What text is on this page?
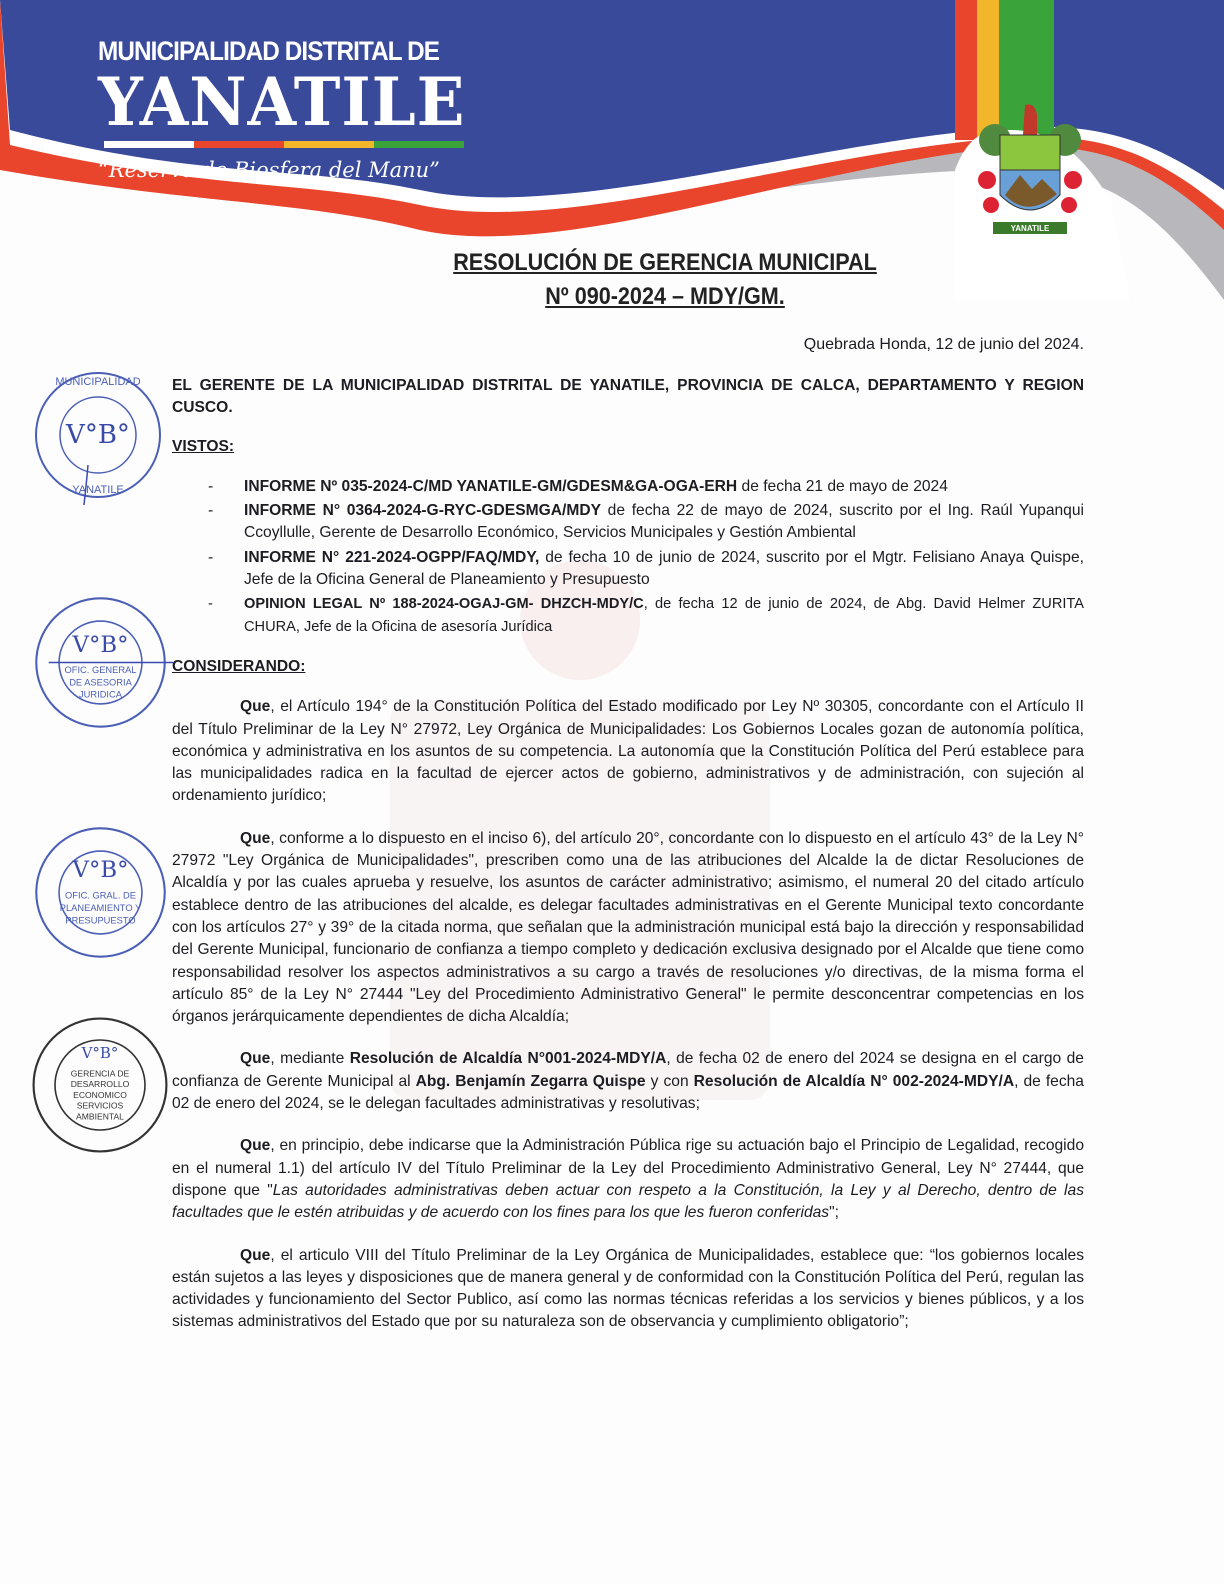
MUNICIPALIDAD DISTRITAL DE
YANATILE
“Reserva de Biosfera del Manu”
YANATILE
RESOLUCIÓN DE GERENCIA MUNICIPAL
Nº 090-2024 – MDY/GM.
Quebrada Honda, 12 de junio del 2024.
V°B°
MUNICIPALIDAD
YANATILE
V°B°
OFIC. GENERAL
DE ASESORIA
JURIDICA
V°B°
OFIC. GRAL. DE
PLANEAMIENTO Y
PRESUPUESTO
V°B°
GERENCIA DE
DESARROLLO
ECONOMICO
SERVICIOS
AMBIENTAL
EL GERENTE DE LA MUNICIPALIDAD DISTRITAL DE YANATILE, PROVINCIA DE CALCA, DEPARTAMENTO Y REGION CUSCO.
VISTOS:
- INFORME Nº 035-2024-C/MD YANATILE-GM/GDESM&GA-OGA-ERH de fecha 21 de mayo de 2024
- INFORME N° 0364-2024-G-RYC-GDESMGA/MDY de fecha 22 de mayo de 2024, suscrito por el Ing. Raúl Yupanqui Ccoyllulle, Gerente de Desarrollo Económico, Servicios Municipales y Gestión Ambiental
- INFORME N° 221-2024-OGPP/FAQ/MDY, de fecha 10 de junio de 2024, suscrito por el Mgtr. Felisiano Anaya Quispe, Jefe de la Oficina General de Planeamiento y Presupuesto
- OPINION LEGAL Nº 188-2024-OGAJ-GM- DHZCH-MDY/C, de fecha 12 de junio de 2024, de Abg. David Helmer ZURITA CHURA, Jefe de la Oficina de asesoría Jurídica
CONSIDERANDO:

Que, el Artículo 194° de la Constitución Política del Estado modificado por Ley Nº 30305, concordante con el Artículo II del Título Preliminar de la Ley N° 27972, Ley Orgánica de Municipalidades: Los Gobiernos Locales gozan de autonomía política, económica y administrativa en los asuntos de su competencia. La autonomía que la Constitución Política del Perú establece para las municipalidades radica en la facultad de ejercer actos de gobierno, administrativos y de administración, con sujeción al ordenamiento jurídico;

Que, conforme a lo dispuesto en el inciso 6), del artículo 20°, concordante con lo dispuesto en el artículo 43° de la Ley N° 27972 "Ley Orgánica de Municipalidades", prescriben como una de las atribuciones del Alcalde la de dictar Resoluciones de Alcaldía y por las cuales aprueba y resuelve, los asuntos de carácter administrativo; asimismo, el numeral 20 del citado artículo establece dentro de las atribuciones del alcalde, es delegar facultades administrativas en el Gerente Municipal texto concordante con los artículos 27° y 39° de la citada norma, que señalan que la administración municipal está bajo la dirección y responsabilidad del Gerente Municipal, funcionario de confianza a tiempo completo y dedicación exclusiva designado por el Alcalde que tiene como responsabilidad resolver los aspectos administrativos a su cargo a través de resoluciones y/o directivas, de la misma forma el artículo 85° de la Ley N° 27444 "Ley del Procedimiento Administrativo General" le permite desconcentrar competencias en los órganos jerárquicamente dependientes de dicha Alcaldía;

Que, mediante Resolución de Alcaldía N°001-2024-MDY/A, de fecha 02 de enero del 2024 se designa en el cargo de confianza de Gerente Municipal al Abg. Benjamín Zegarra Quispe y con Resolución de Alcaldía N° 002-2024-MDY/A, de fecha 02 de enero del 2024, se le delegan facultades administrativas y resolutivas;

Que, en principio, debe indicarse que la Administración Pública rige su actuación bajo el Principio de Legalidad, recogido en el numeral 1.1) del artículo IV del Título Preliminar de la Ley del Procedimiento Administrativo General, Ley N° 27444, que dispone que "Las autoridades administrativas deben actuar con respeto a la Constitución, la Ley y al Derecho, dentro de las facultades que le estén atribuidas y de acuerdo con los fines para los que les fueron conferidas";

Que, el articulo VIII del Título Preliminar de la Ley Orgánica de Municipalidades, establece que: “los gobiernos locales están sujetos a las leyes y disposiciones que de manera general y de conformidad con la Constitución Política del Perú, regulan las actividades y funcionamiento del Sector Publico, así como las normas técnicas referidas a los servicios y bienes públicos, y a los sistemas administrativos del Estado que por su naturaleza son de observancia y cumplimiento obligatorio”;
